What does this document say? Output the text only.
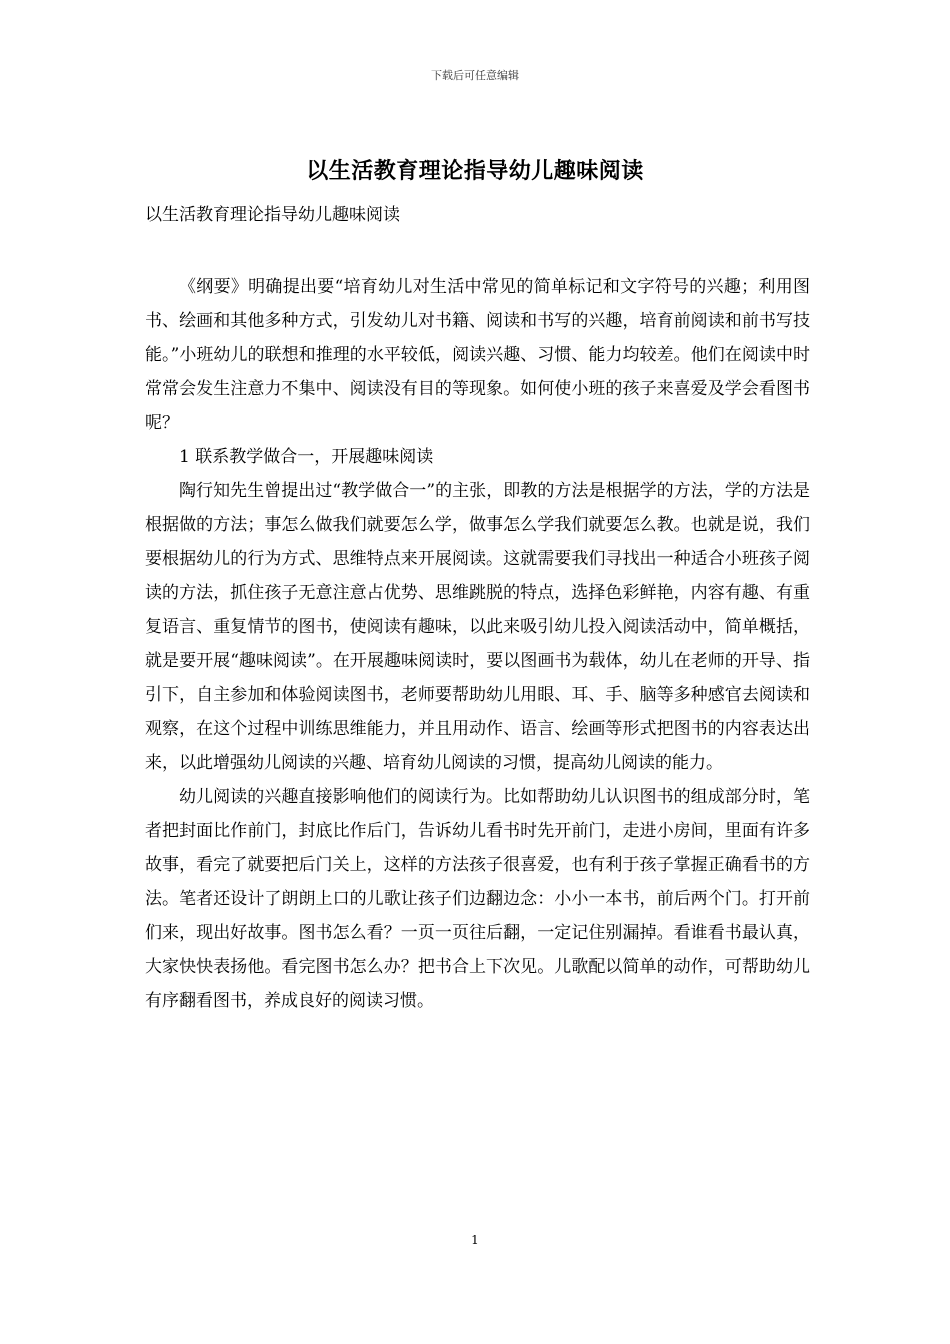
下载后可任意编辑
以生活教育理论指导幼儿趣味阅读
以生活教育理论指导幼儿趣味阅读

《纲要》明确提出要“培育幼儿对生活中常见的简单标记和文字符号的兴趣；利用图书、绘画和其他多种方式，引发幼儿对书籍、阅读和书写的兴趣，培育前阅读和前书写技能。”小班幼儿的联想和推理的水平较低，阅读兴趣、习惯、能力均较差。他们在阅读中时常常会发生注意力不集中、阅读没有目的等现象。如何使小班的孩子来喜爱及学会看图书呢？

1 联系教学做合一，开展趣味阅读

陶行知先生曾提出过“教学做合一”的主张，即教的方法是根据学的方法，学的方法是根据做的方法；事怎么做我们就要怎么学，做事怎么学我们就要怎么教。也就是说，我们要根据幼儿的行为方式、思维特点来开展阅读。这就需要我们寻找出一种适合小班孩子阅读的方法，抓住孩子无意注意占优势、思维跳脱的特点，选择色彩鲜艳，内容有趣、有重复语言、重复情节的图书，使阅读有趣味，以此来吸引幼儿投入阅读活动中，简单概括，就是要开展“趣味阅读”。在开展趣味阅读时，要以图画书为载体，幼儿在老师的开导、指引下，自主参加和体验阅读图书，老师要帮助幼儿用眼、耳、手、脑等多种感官去阅读和观察，在这个过程中训练思维能力，并且用动作、语言、绘画等形式把图书的内容表达出来，以此增强幼儿阅读的兴趣、培育幼儿阅读的习惯，提高幼儿阅读的能力。

幼儿阅读的兴趣直接影响他们的阅读行为。比如帮助幼儿认识图书的组成部分时，笔者把封面比作前门，封底比作后门，告诉幼儿看书时先开前门，走进小房间，里面有许多故事，看完了就要把后门关上，这样的方法孩子很喜爱，也有利于孩子掌握正确看书的方法。笔者还设计了朗朗上口的儿歌让孩子们边翻边念：小小一本书，前后两个门。打开前们来，现出好故事。图书怎么看？一页一页往后翻，一定记住别漏掉。看谁看书最认真，大家快快表扬他。看完图书怎么办？把书合上下次见。儿歌配以简单的动作，可帮助幼儿有序翻看图书，养成良好的阅读习惯。

1
